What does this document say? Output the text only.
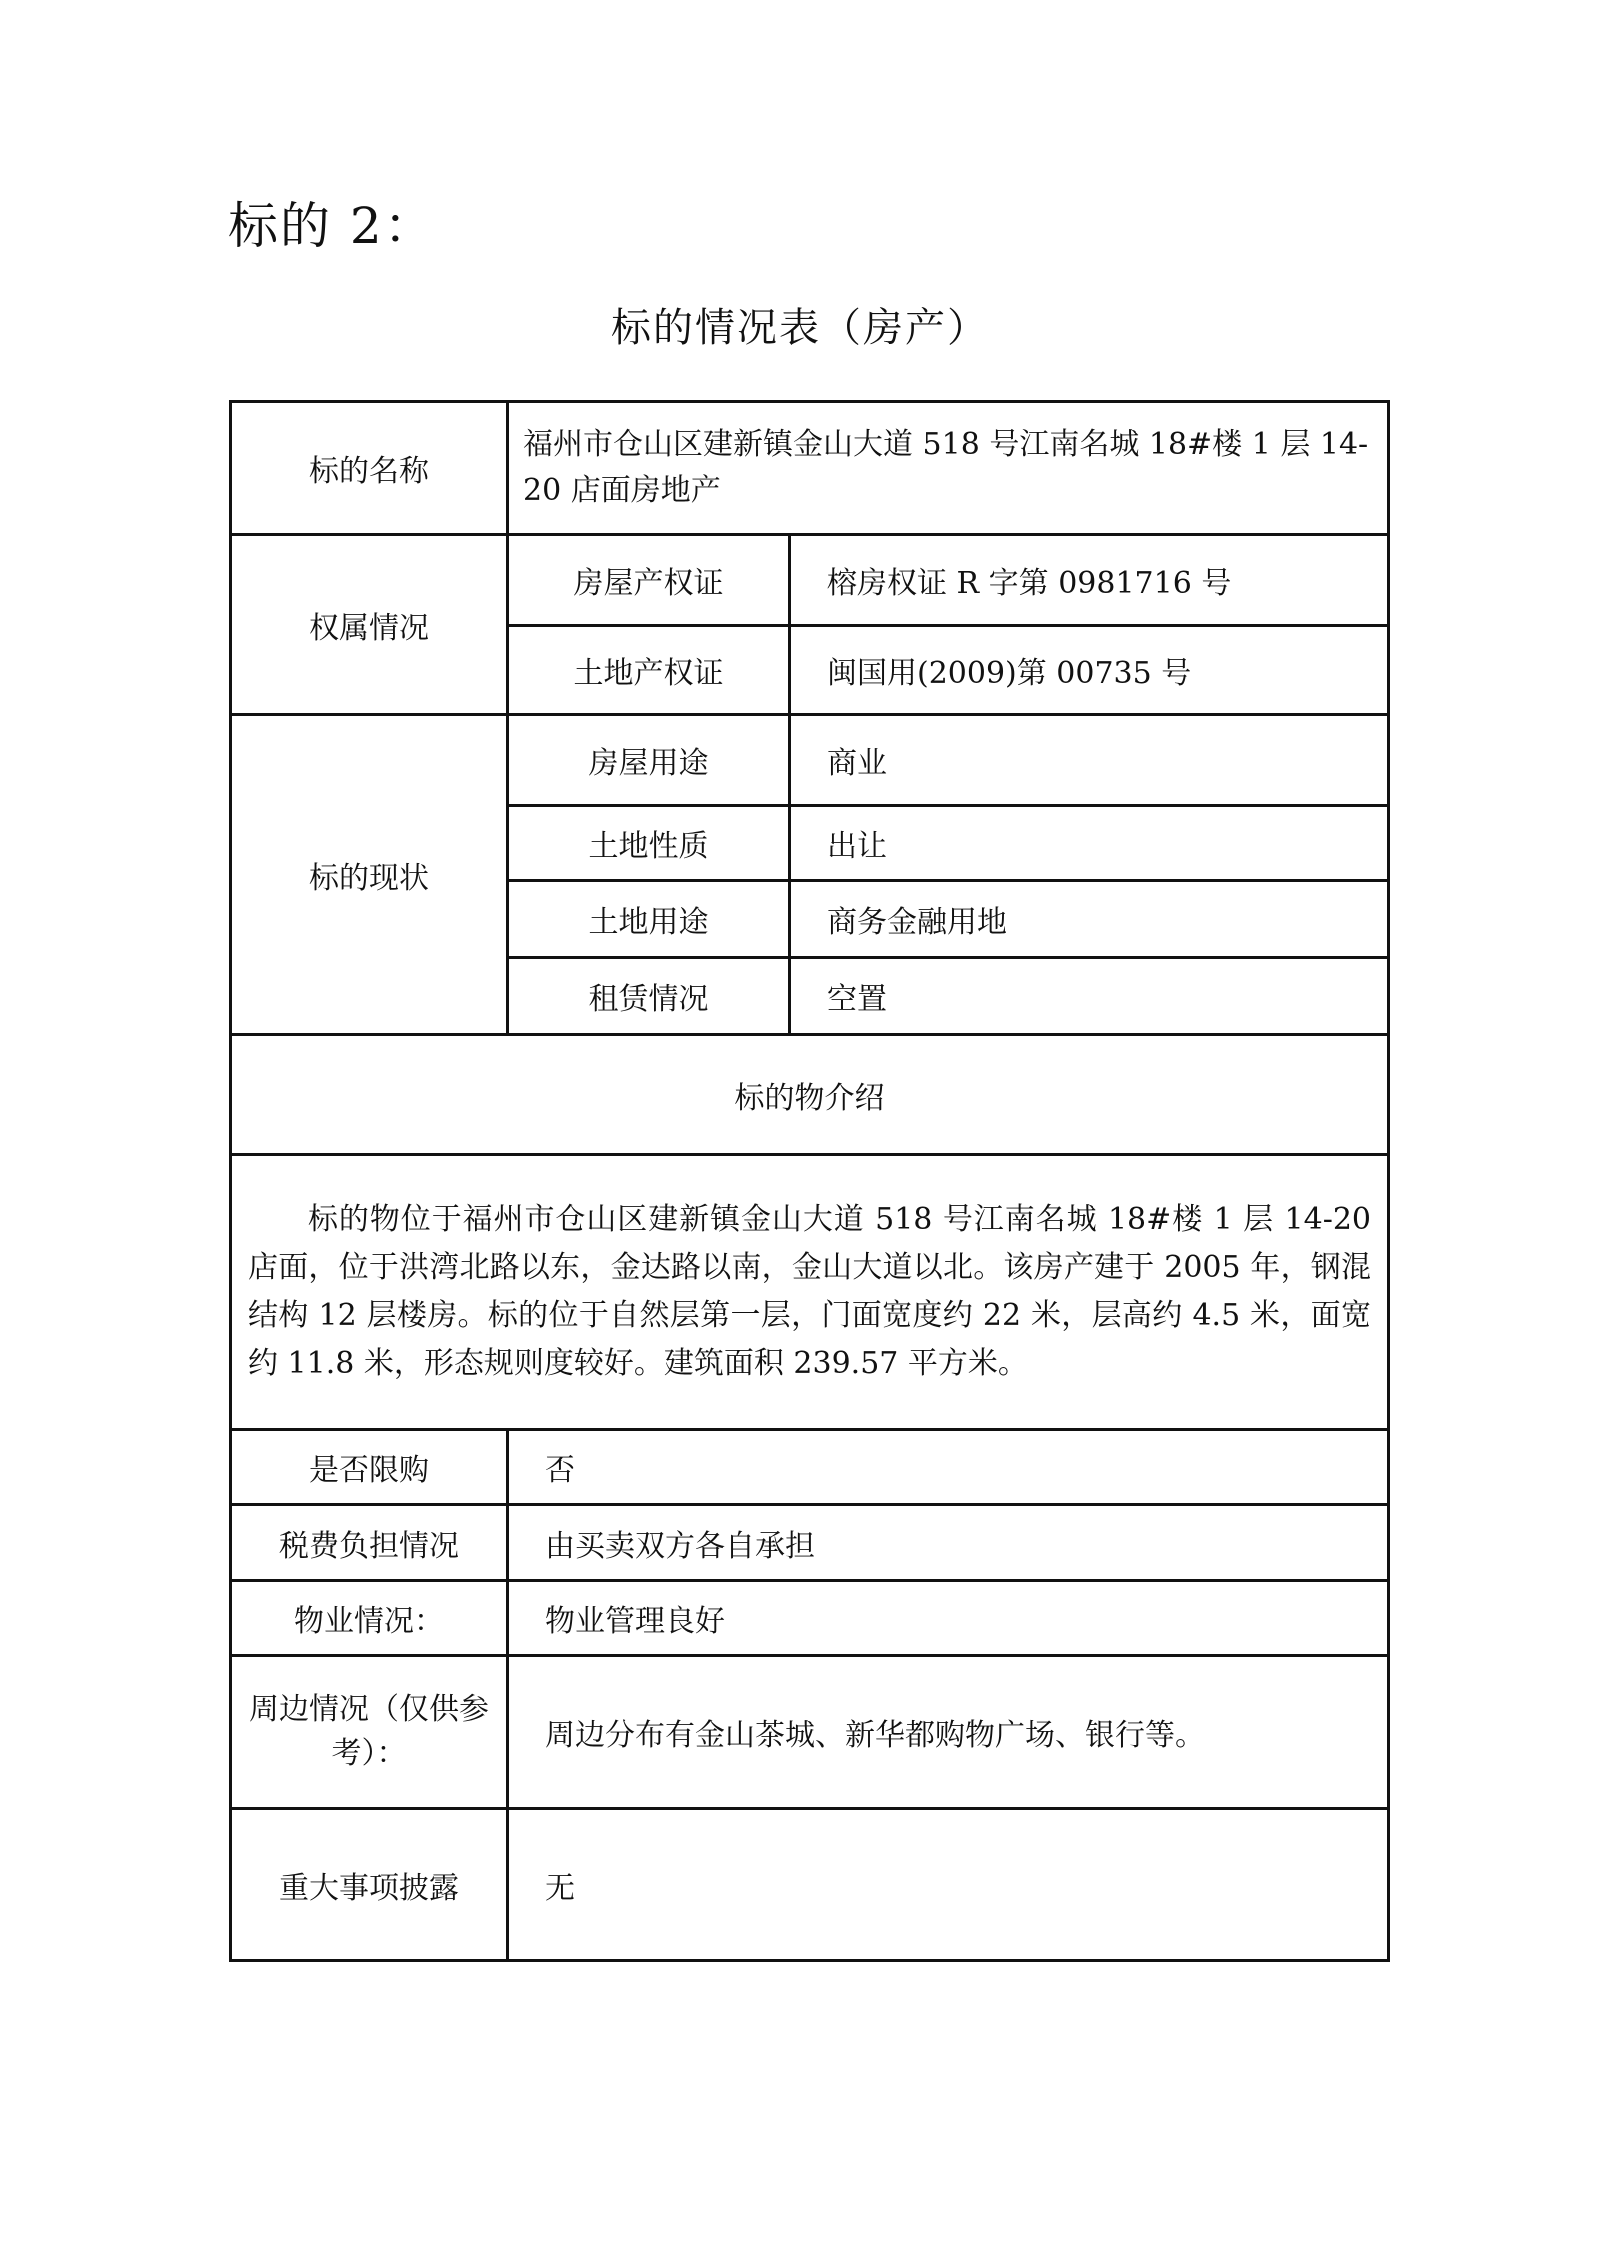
标的 2：
标的情况表（房产）
标的名称	福州市仓山区建新镇金山大道 518 号江南名城 18#楼 1 层 14-20 店面房地产	
权属情况	房屋产权证	榕房权证 R 字第 0981716 号
	土地产权证	闽国用(2009)第 00735 号
标的现状	房屋用途	商业
	土地性质	出让
	土地用途	商务金融用地
	租赁情况	空置
标的物介绍		
标的物位于福州市仓山区建新镇金山大道 518 号江南名城 18#楼 1 层 14-20 店面，位于洪湾北路以东，金达路以南，金山大道以北。该房产建于 2005 年，钢混结构 12 层楼房。标的位于自然层第一层，门面宽度约 22 米，层高约 4.5 米，面宽约 11.8 米，形态规则度较好。建筑面积 239.57 平方米。		
是否限购	否	
税费负担情况	由买卖双方各自承担	
物业情况：	物业管理良好	
周边情况（仅供参考）：	周边分布有金山茶城、新华都购物广场、银行等。	
重大事项披露	无	
